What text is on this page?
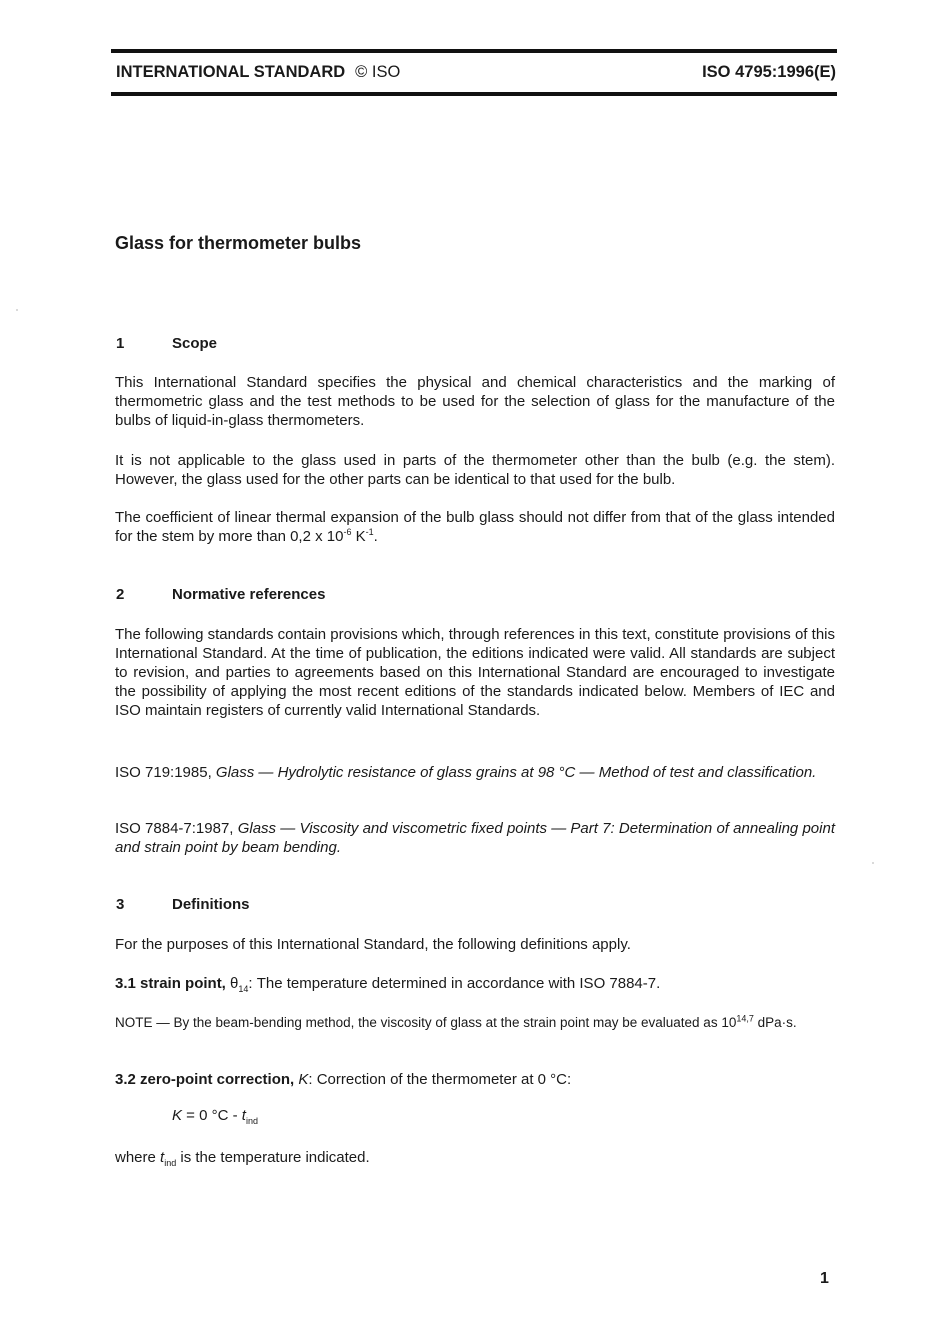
INTERNATIONAL STANDARD © ISO	ISO 4795:1996(E)
Glass for thermometer bulbs
1	Scope

This International Standard specifies the physical and chemical characteristics and the marking of thermometric glass and the test methods to be used for the selection of glass for the manufacture of the bulbs of liquid-in-glass thermometers.

It is not applicable to the glass used in parts of the thermometer other than the bulb (e.g. the stem). However, the glass used for the other parts can be identical to that used for the bulb.

The coefficient of linear thermal expansion of the bulb glass should not differ from that of the glass intended for the stem by more than 0,2 x $10^{-6}$ $K^{-1}$.

2	Normative references

The following standards contain provisions which, through references in this text, constitute provisions of this International Standard. At the time of publication, the editions indicated were valid. All standards are subject to revision, and parties to agreements based on this International Standard are encouraged to investigate the possibility of applying the most recent editions of the standards indicated below. Members of IEC and ISO maintain registers of currently valid International Standards.

ISO 719:1985, Glass — Hydrolytic resistance of glass grains at 98 °C — Method of test and classification.

ISO 7884-7:1987, Glass — Viscosity and viscometric fixed points — Part 7: Determination of annealing point and strain point by beam bending.

3	Definitions

For the purposes of this International Standard, the following definitions apply.

3.1 strain point, $\theta_{14}$: The temperature determined in accordance with ISO 7884-7.

NOTE — By the beam-bending method, the viscosity of glass at the strain point may be evaluated as 10$^{14,7}$ dPa·s.

3.2 zero-point correction, K: Correction of the thermometer at 0 °C:

K = 0 $^\circ C - t_{ind}$

where $t_{ind}$ is the temperature indicated.

1
